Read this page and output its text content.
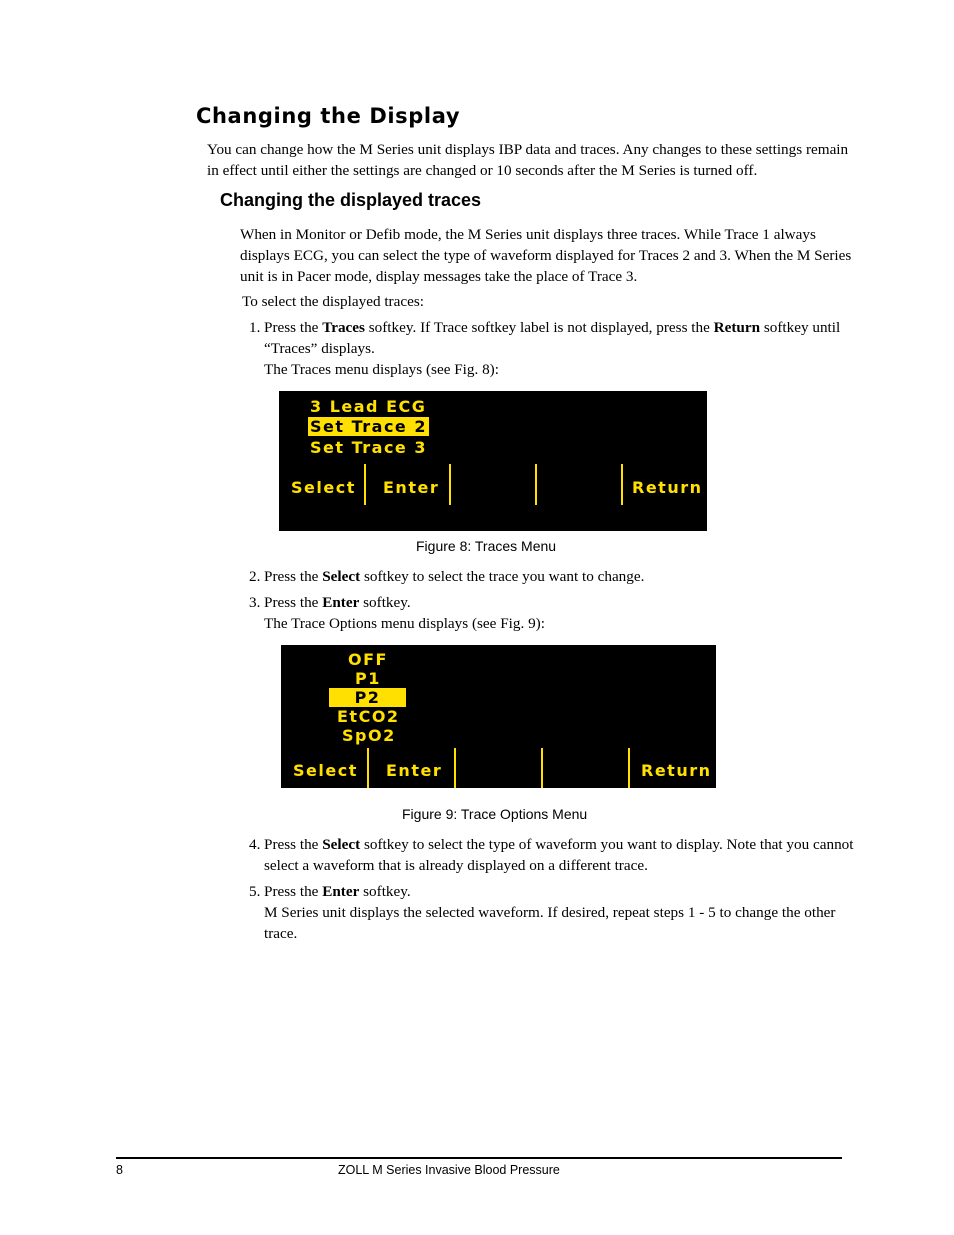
Changing the Display
You can change how the M Series unit displays IBP data and traces. Any changes to these settings remain in effect until either the settings are changed or 10 seconds after the M Series is turned off.
Changing the displayed traces
When in Monitor or Defib mode, the M Series unit displays three traces. While Trace 1 always displays ECG, you can select the type of waveform displayed for Traces 2 and 3. When the M Series unit is in Pacer mode, display messages take the place of Trace 3.
To select the displayed traces:
1. Press the Traces softkey. If Trace softkey label is not displayed, press the Return softkey until “Traces” displays.
The Traces menu displays (see Fig. 8):
3 Lead ECG
Set Trace 2
Set Trace 3
Select Enter	Return
Figure 8: Traces Menu
2. Press the Select softkey to select the trace you want to change.
3. Press the Enter softkey.
The Trace Options menu displays (see Fig. 9):
OFF
P1
P2
EtCO2
SpO2
Select Enter	Return
Figure 9: Trace Options Menu
4. Press the Select softkey to select the type of waveform you want to display. Note that you cannot select a waveform that is already displayed on a different trace.
5. Press the Enter softkey.
M Series unit displays the selected waveform. If desired, repeat steps 1 - 5 to change the other trace.
8	ZOLL M Series Invasive Blood Pressure
